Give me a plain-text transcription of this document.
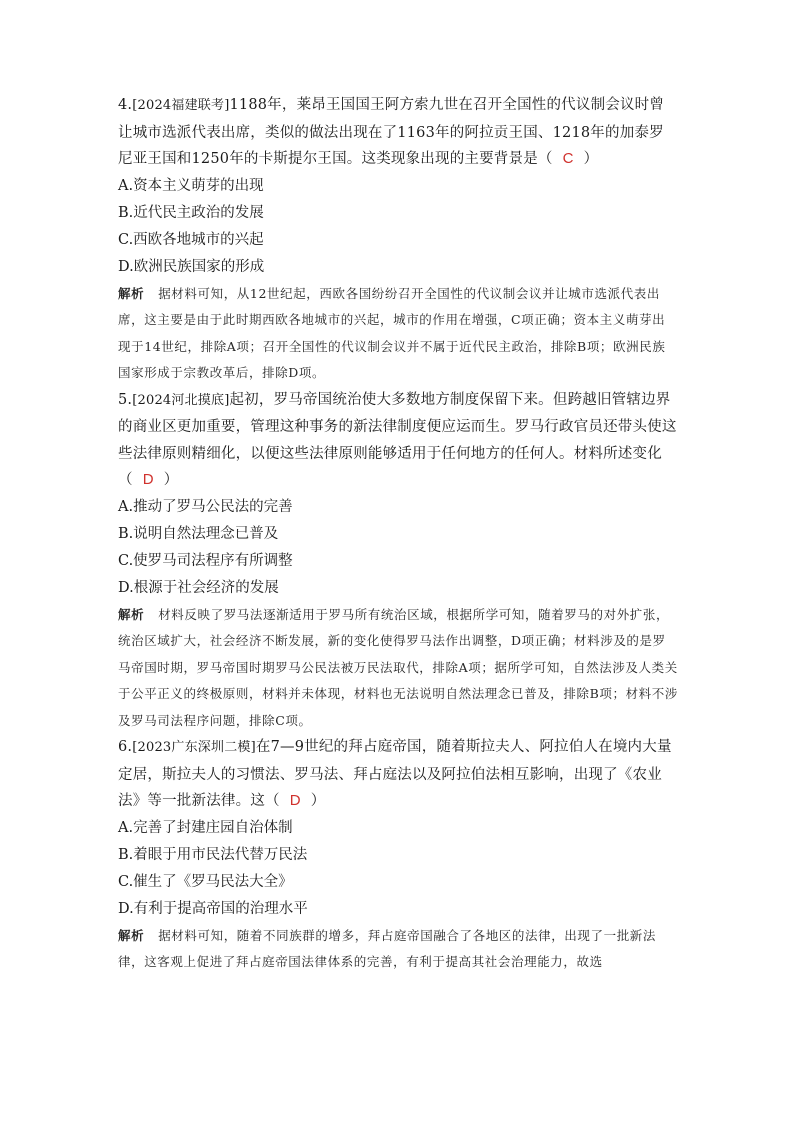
4.[2024福建联考]1188年，莱昂王国国王阿方索九世在召开全国性的代议制会议时曾让城市选派代表出席，类似的做法出现在了1163年的阿拉贡王国、1218年的加泰罗尼亚王国和1250年的卡斯提尔王国。这类现象出现的主要背景是（ C ）

A.资本主义萌芽的出现

B.近代民主政治的发展

C.西欧各地城市的兴起

D.欧洲民族国家的形成

解析 据材料可知，从12世纪起，西欧各国纷纷召开全国性的代议制会议并让城市选派代表出席，这主要是由于此时期西欧各地城市的兴起，城市的作用在增强，C项正确；资本主义萌芽出现于14世纪，排除A项；召开全国性的代议制会议并不属于近代民主政治，排除B项；欧洲民族国家形成于宗教改革后，排除D项。

5.[2024河北摸底]起初，罗马帝国统治使大多数地方制度保留下来。但跨越旧管辖边界的商业区更加重要，管理这种事务的新法律制度便应运而生。罗马行政官员还带头使这些法律原则精细化，以便这些法律原则能够适用于任何地方的任何人。材料所述变化
（ D ）

A.推动了罗马公民法的完善

B.说明自然法理念已普及

C.使罗马司法程序有所调整

D.根源于社会经济的发展

解析 材料反映了罗马法逐渐适用于罗马所有统治区域，根据所学可知，随着罗马的对外扩张，统治区域扩大，社会经济不断发展，新的变化使得罗马法作出调整，D项正确；材料涉及的是罗马帝国时期，罗马帝国时期罗马公民法被万民法取代，排除A项；据所学可知，自然法涉及人类关于公平正义的终极原则，材料并未体现，材料也无法说明自然法理念已普及，排除B项；材料不涉及罗马司法程序问题，排除C项。

6.[2023广东深圳二模]在7—9世纪的拜占庭帝国，随着斯拉夫人、阿拉伯人在境内大量定居，斯拉夫人的习惯法、罗马法、拜占庭法以及阿拉伯法相互影响，出现了《农业法》等一批新法律。这（ D ）

A.完善了封建庄园自治体制

B.着眼于用市民法代替万民法

C.催生了《罗马民法大全》

D.有利于提高帝国的治理水平

解析 据材料可知，随着不同族群的增多，拜占庭帝国融合了各地区的法律，出现了一批新法律，这客观上促进了拜占庭帝国法律体系的完善，有利于提高其社会治理能力，故选
